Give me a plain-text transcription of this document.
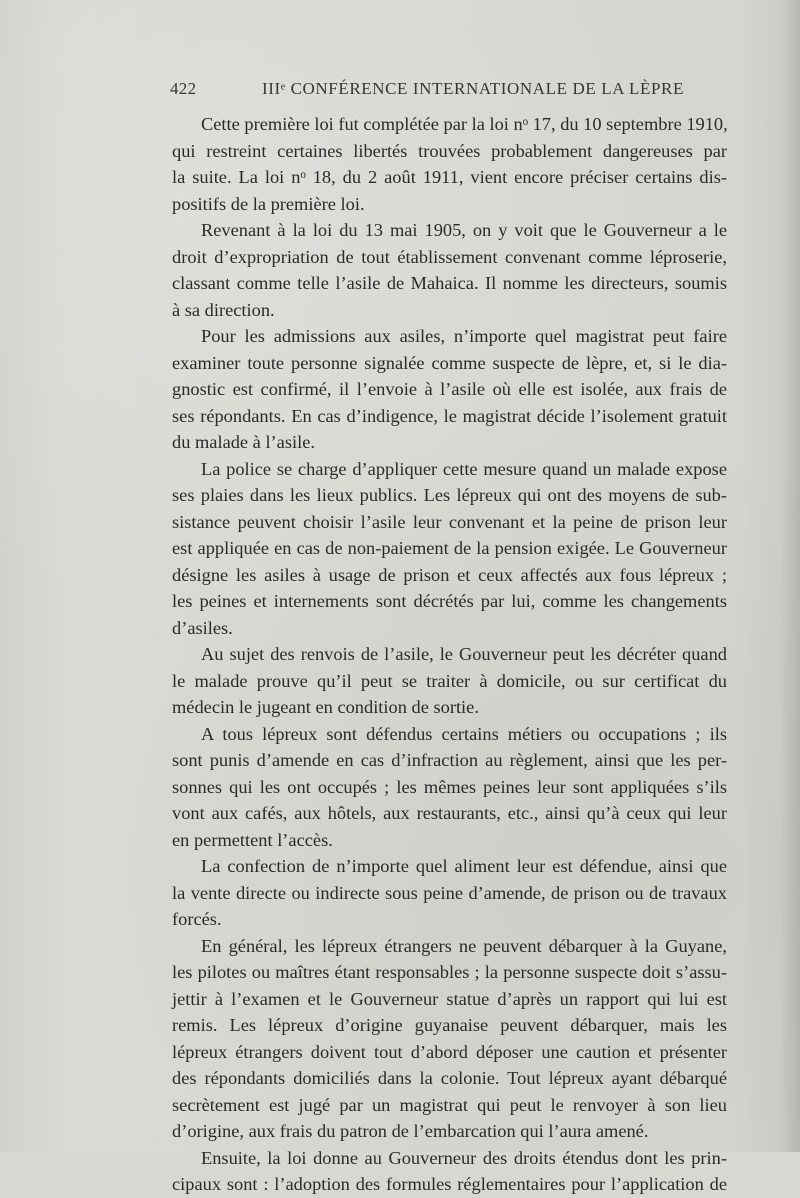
422	IIIᵉ CONFÉRENCE INTERNATIONALE DE LA LÈPRE
Cette première loi fut complétée par la loi nᵒ 17, du 10 septembre 1910,
qui restreint certaines libertés trouvées probablement dangereuses par
la suite. La loi nᵒ 18, du 2 août 1911, vient encore préciser certains dis-
positifs de la première loi.
Revenant à la loi du 13 mai 1905, on y voit que le Gouverneur a le
droit d’expropriation de tout établissement convenant comme léproserie,
classant comme telle l’asile de Mahaica. Il nomme les directeurs, soumis
à sa direction.
Pour les admissions aux asiles, n’importe quel magistrat peut faire
examiner toute personne signalée comme suspecte de lèpre, et, si le dia-
gnostic est confirmé, il l’envoie à l’asile où elle est isolée, aux frais de
ses répondants. En cas d’indigence, le magistrat décide l’isolement gratuit
du malade à l’asile.
La police se charge d’appliquer cette mesure quand un malade expose
ses plaies dans les lieux publics. Les lépreux qui ont des moyens de sub-
sistance peuvent choisir l’asile leur convenant et la peine de prison leur
est appliquée en cas de non-paiement de la pension exigée. Le Gouverneur
désigne les asiles à usage de prison et ceux affectés aux fous lépreux ;
les peines et internements sont décrétés par lui, comme les changements
d’asiles.
Au sujet des renvois de l’asile, le Gouverneur peut les décréter quand
le malade prouve qu’il peut se traiter à domicile, ou sur certificat du
médecin le jugeant en condition de sortie.
A tous lépreux sont défendus certains métiers ou occupations ; ils
sont punis d’amende en cas d’infraction au règlement, ainsi que les per-
sonnes qui les ont occupés ; les mêmes peines leur sont appliquées s’ils
vont aux cafés, aux hôtels, aux restaurants, etc., ainsi qu’à ceux qui leur
en permettent l’accès.
La confection de n’importe quel aliment leur est défendue, ainsi que
la vente directe ou indirecte sous peine d’amende, de prison ou de travaux
forcés.
En général, les lépreux étrangers ne peuvent débarquer à la Guyane,
les pilotes ou maîtres étant responsables ; la personne suspecte doit s’assu-
jettir à l’examen et le Gouverneur statue d’après un rapport qui lui est
remis. Les lépreux d’origine guyanaise peuvent débarquer, mais les
lépreux étrangers doivent tout d’abord déposer une caution et présenter
des répondants domiciliés dans la colonie. Tout lépreux ayant débarqué
secrètement est jugé par un magistrat qui peut le renvoyer à son lieu
d’origine, aux frais du patron de l’embarcation qui l’aura amené.
Ensuite, la loi donne au Gouverneur des droits étendus dont les prin-
cipaux sont : l’adoption des formules réglementaires pour l’application de
